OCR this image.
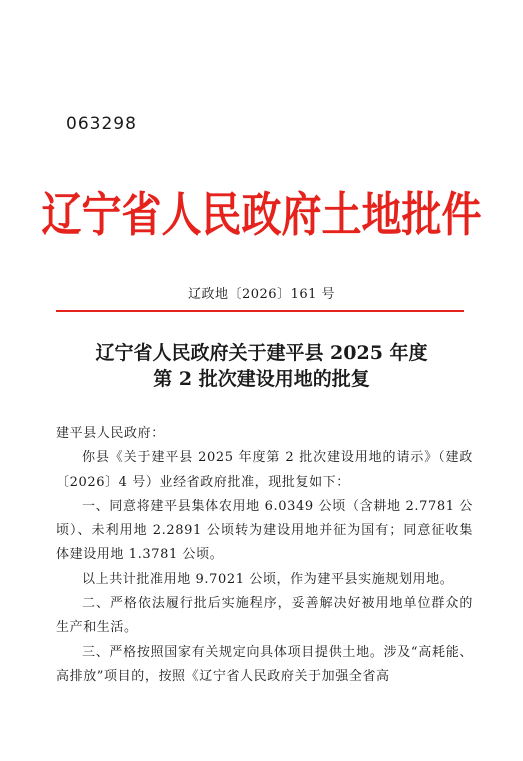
063298
辽宁省人民政府土地批件
辽政地〔2026〕161 号
辽宁省人民政府关于建平县 2025 年度
第 2 批次建设用地的批复

建平县人民政府：

你县《关于建平县 2025 年度第 2 批次建设用地的请示》（建政〔2026〕4 号）业经省政府批准，现批复如下：

一、同意将建平县集体农用地 6.0349 公顷（含耕地 2.7781 公顷）、未利用地 2.2891 公顷转为建设用地并征为国有；同意征收集体建设用地 1.3781 公顷。

以上共计批准用地 9.7021 公顷，作为建平县实施规划用地。

二、严格依法履行批后实施程序，妥善解决好被用地单位群众的生产和生活。

三、严格按照国家有关规定向具体项目提供土地。涉及“高耗能、高排放”项目的，按照《辽宁省人民政府关于加强全省高
